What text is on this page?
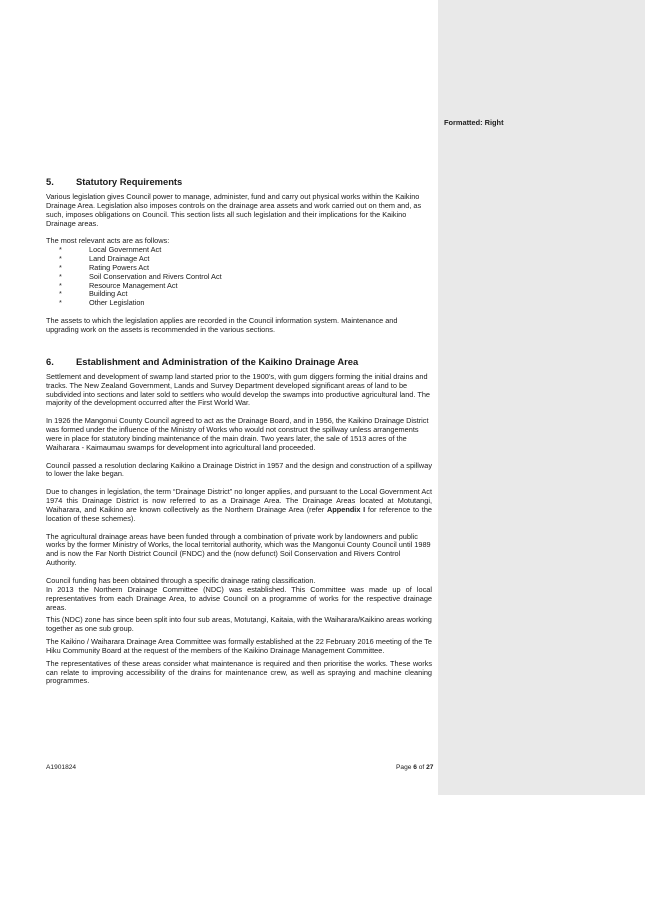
Formatted: Right
5.	Statutory Requirements

Various legislation gives Council power to manage, administer, fund and carry out physical works within the Kaikino Drainage Area. Legislation also imposes controls on the drainage area assets and work carried out on them and, as such, imposes obligations on Council. This section lists all such legislation and their implications for the Kaikino Drainage areas.

The most relevant acts are as follows:

*	Local Government Act
*	Land Drainage Act
*	Rating Powers Act
*	Soil Conservation and Rivers Control Act
*	Resource Management Act
*	Building Act
*	Other Legislation

The assets to which the legislation applies are recorded in the Council information system. Maintenance and upgrading work on the assets is recommended in the various sections.

6.	Establishment and Administration of the Kaikino Drainage Area

Settlement and development of swamp land started prior to the 1900’s, with gum diggers forming the initial drains and tracks. The New Zealand Government, Lands and Survey Department developed significant areas of land to be subdivided into sections and later sold to settlers who would develop the swamps into productive agricultural land. The majority of the development occurred after the First World War.

In 1926 the Mangonui County Council agreed to act as the Drainage Board, and in 1956, the Kaikino Drainage District was formed under the influence of the Ministry of Works who would not construct the spillway unless arrangements were in place for statutory binding maintenance of the main drain. Two years later, the sale of 1513 acres of the Waiharara - Kaimaumau swamps for development into agricultural land proceeded.

Council passed a resolution declaring Kaikino a Drainage District in 1957 and the design and construction of a spillway to lower the lake began.

Due to changes in legislation, the term “Drainage District” no longer applies, and pursuant to the Local Government Act 1974 this Drainage District is now referred to as a Drainage Area. The Drainage Areas located at Motutangi, Waiharara, and Kaikino are known collectively as the Northern Drainage Area (refer Appendix I for reference to the location of these schemes).

The agricultural drainage areas have been funded through a combination of private work by landowners and public works by the former Ministry of Works, the local territorial authority, which was the Mangonui County Council until 1989 and is now the Far North District Council (FNDC) and the (now defunct) Soil Conservation and Rivers Control Authority.

Council funding has been obtained through a specific drainage rating classification.

In 2013 the Northern Drainage Committee (NDC) was established. This Committee was made up of local representatives from each Drainage Area, to advise Council on a programme of works for the respective drainage areas.

This (NDC) zone has since been split into four sub areas, Motutangi, Kaitaia, with the Waiharara/Kaikino areas working together as one sub group.

The Kaikino / Waiharara Drainage Area Committee was formally established at the 22 February 2016 meeting of the Te Hiku Community Board at the request of the members of the Kaikino Drainage Management Committee.

The representatives of these areas consider what maintenance is required and then prioritise the works. These works can relate to improving accessibility of the drains for maintenance crew, as well as spraying and machine cleaning programmes.

A1901824	Page 6 of 27
